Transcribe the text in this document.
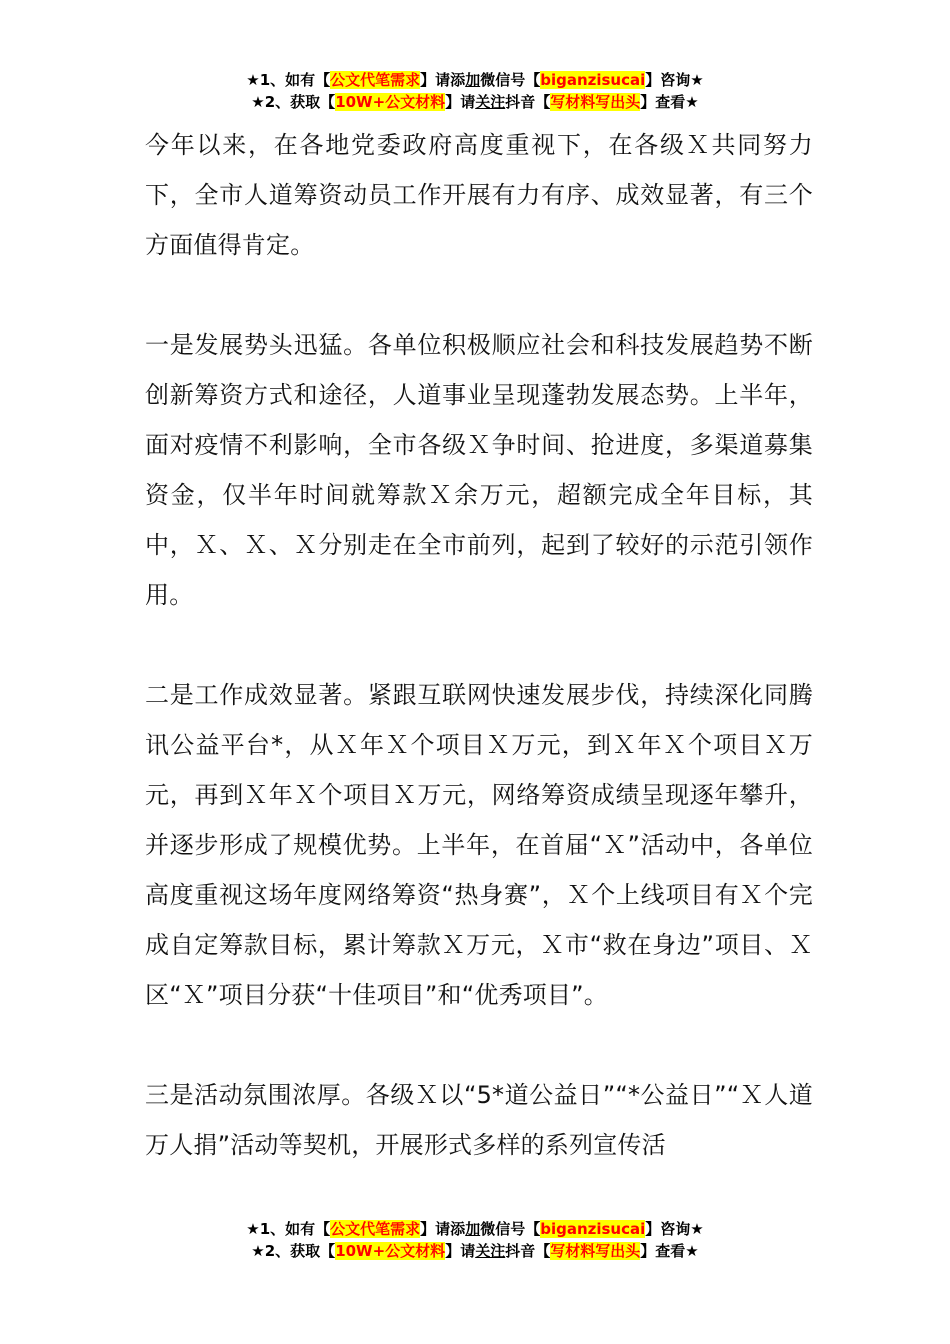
★1、如有【公文代笔需求】请添加微信号【biganzisucai】咨询★
★2、获取【10W+公文材料】请关注抖音【写材料写出头】查看★

今年以来，在各地党委政府高度重视下，在各级Ｘ共同努力下，全市人道筹资动员工作开展有力有序、成效显著，有三个方面值得肯定。

一是发展势头迅猛。各单位积极顺应社会和科技发展趋势不断创新筹资方式和途径，人道事业呈现蓬勃发展态势。上半年，面对疫情不利影响，全市各级Ｘ争时间、抢进度，多渠道募集资金，仅半年时间就筹款Ｘ余万元，超额完成全年目标，其中，Ｘ、Ｘ、Ｘ分别走在全市前列，起到了较好的示范引领作用。

二是工作成效显著。紧跟互联网快速发展步伐，持续深化同腾讯公益平台*，从Ｘ年Ｘ个项目Ｘ万元，到Ｘ年Ｘ个项目Ｘ万元，再到Ｘ年Ｘ个项目Ｘ万元，网络筹资成绩呈现逐年攀升，并逐步形成了规模优势。上半年，在首届“Ｘ”活动中，各单位高度重视这场年度网络筹资“热身赛”，Ｘ个上线项目有Ｘ个完成自定筹款目标，累计筹款Ｘ万元，Ｘ市“救在身边”项目、Ｘ区“Ｘ”项目分获“十佳项目”和“优秀项目”。

三是活动氛围浓厚。各级Ｘ以“5*道公益日”“*公益日”“Ｘ人道万人捐”活动等契机，开展形式多样的系列宣传活

★1、如有【公文代笔需求】请添加微信号【biganzisucai】咨询★
★2、获取【10W+公文材料】请关注抖音【写材料写出头】查看★
